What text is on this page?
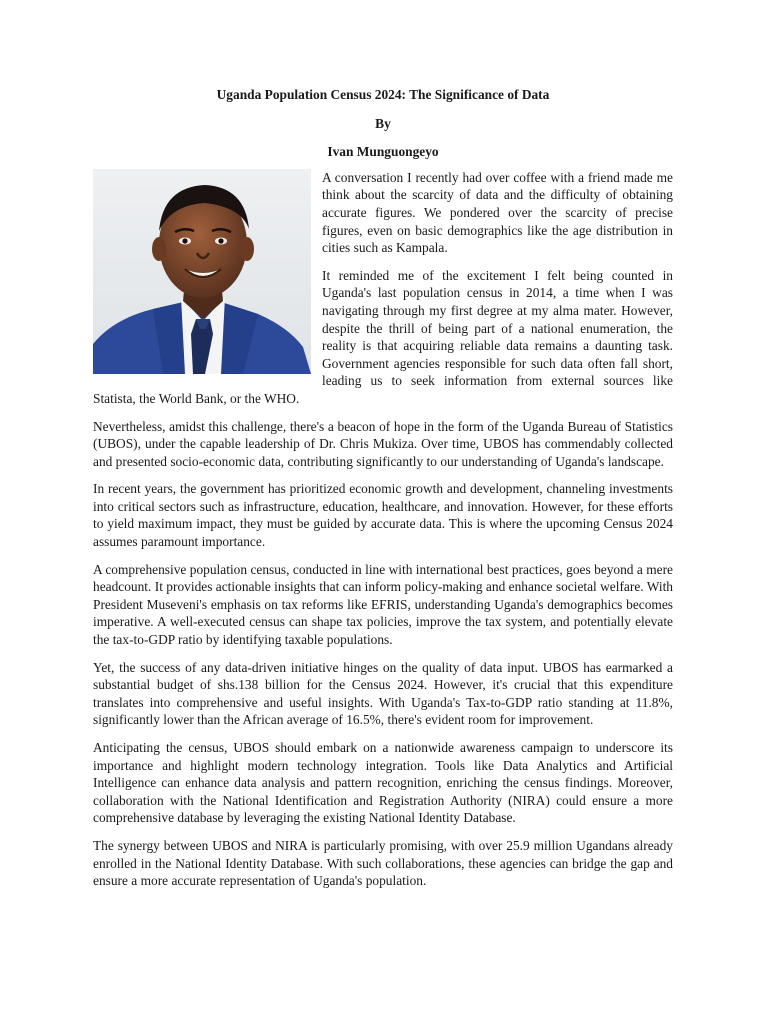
Uganda Population Census 2024: The Significance of Data

By

Ivan Munguongeyo

A conversation I recently had over coffee with a friend made me think about the scarcity of data and the difficulty of obtaining accurate figures. We pondered over the scarcity of precise figures, even on basic demographics like the age distribution in cities such as Kampala.

It reminded me of the excitement I felt being counted in Uganda's last population census in 2014, a time when I was navigating through my first degree at my alma mater. However, despite the thrill of being part of a national enumeration, the reality is that acquiring reliable data remains a daunting task. Government agencies responsible for such data often fall short, leading us to seek information from external sources like Statista, the World Bank, or the WHO.

Nevertheless, amidst this challenge, there's a beacon of hope in the form of the Uganda Bureau of Statistics (UBOS), under the capable leadership of Dr. Chris Mukiza. Over time, UBOS has commendably collected and presented socio-economic data, contributing significantly to our understanding of Uganda's landscape.

In recent years, the government has prioritized economic growth and development, channeling investments into critical sectors such as infrastructure, education, healthcare, and innovation. However, for these efforts to yield maximum impact, they must be guided by accurate data. This is where the upcoming Census 2024 assumes paramount importance.

A comprehensive population census, conducted in line with international best practices, goes beyond a mere headcount. It provides actionable insights that can inform policy-making and enhance societal welfare. With President Museveni's emphasis on tax reforms like EFRIS, understanding Uganda's demographics becomes imperative. A well-executed census can shape tax policies, improve the tax system, and potentially elevate the tax-to-GDP ratio by identifying taxable populations.

Yet, the success of any data-driven initiative hinges on the quality of data input. UBOS has earmarked a substantial budget of shs.138 billion for the Census 2024. However, it's crucial that this expenditure translates into comprehensive and useful insights. With Uganda's Tax-to-GDP ratio standing at 11.8%, significantly lower than the African average of 16.5%, there's evident room for improvement.

Anticipating the census, UBOS should embark on a nationwide awareness campaign to underscore its importance and highlight modern technology integration. Tools like Data Analytics and Artificial Intelligence can enhance data analysis and pattern recognition, enriching the census findings. Moreover, collaboration with the National Identification and Registration Authority (NIRA) could ensure a more comprehensive database by leveraging the existing National Identity Database.

The synergy between UBOS and NIRA is particularly promising, with over 25.9 million Ugandans already enrolled in the National Identity Database. With such collaborations, these agencies can bridge the gap and ensure a more accurate representation of Uganda's population.
